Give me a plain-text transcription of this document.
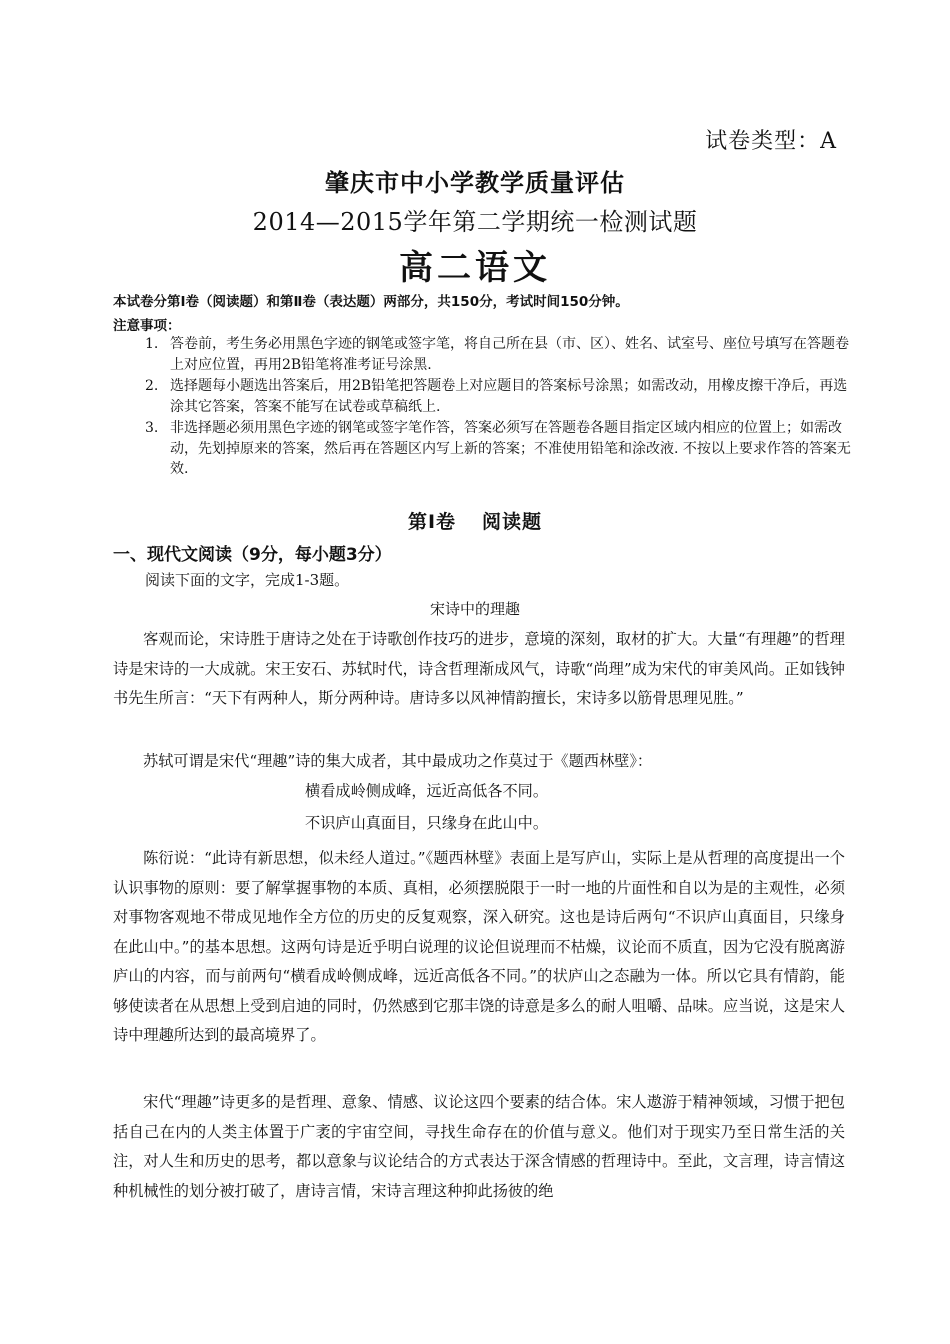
试卷类型：A
肇庆市中小学教学质量评估
2014—2015学年第二学期统一检测试题
高二语文
本试卷分第Ⅰ卷（阅读题）和第Ⅱ卷（表达题）两部分，共150分，考试时间150分钟。
注意事项：
1. 答卷前，考生务必用黑色字迹的钢笔或签字笔，将自己所在县（市、区）、姓名、试室号、座位号填写在答题卷上对应位置，再用2B铅笔将准考证号涂黑.
2. 选择题每小题选出答案后，用2B铅笔把答题卷上对应题目的答案标号涂黑；如需改动，用橡皮擦干净后，再选涂其它答案，答案不能写在试卷或草稿纸上.
3. 非选择题必须用黑色字迹的钢笔或签字笔作答，答案必须写在答题卷各题目指定区域内相应的位置上；如需改动，先划掉原来的答案，然后再在答题区内写上新的答案；不准使用铅笔和涂改液. 不按以上要求作答的答案无效.
第Ⅰ卷 阅读题
一、现代文阅读（9分，每小题3分）
阅读下面的文字，完成1-3题。
宋诗中的理趣
客观而论，宋诗胜于唐诗之处在于诗歌创作技巧的进步，意境的深刻，取材的扩大。大量“有理趣”的哲理诗是宋诗的一大成就。宋王安石、苏轼时代，诗含哲理渐成风气，诗歌“尚理”成为宋代的审美风尚。正如钱钟书先生所言：“天下有两种人，斯分两种诗。唐诗多以风神情韵擅长，宋诗多以筋骨思理见胜。”
苏轼可谓是宋代“理趣”诗的集大成者，其中最成功之作莫过于《题西林壁》：
横看成岭侧成峰，远近高低各不同。
不识庐山真面目，只缘身在此山中。
陈衍说：“此诗有新思想，似未经人道过。”《题西林壁》表面上是写庐山，实际上是从哲理的高度提出一个认识事物的原则：要了解掌握事物的本质、真相，必须摆脱限于一时一地的片面性和自以为是的主观性，必须对事物客观地不带成见地作全方位的历史的反复观察，深入研究。这也是诗后两句“不识庐山真面目，只缘身在此山中。”的基本思想。这两句诗是近乎明白说理的议论但说理而不枯燥，议论而不质直，因为它没有脱离游庐山的内容，而与前两句“横看成岭侧成峰，远近高低各不同。”的状庐山之态融为一体。所以它具有情韵，能够使读者在从思想上受到启迪的同时，仍然感到它那丰饶的诗意是多么的耐人咀嚼、品味。应当说，这是宋人诗中理趣所达到的最高境界了。
宋代“理趣”诗更多的是哲理、意象、情感、议论这四个要素的结合体。宋人遨游于精神领域，习惯于把包括自己在内的人类主体置于广袤的宇宙空间，寻找生命存在的价值与意义。他们对于现实乃至日常生活的关注，对人生和历史的思考，都以意象与议论结合的方式表达于深含情感的哲理诗中。至此，文言理，诗言情这种机械性的划分被打破了，唐诗言情，宋诗言理这种抑此扬彼的绝
